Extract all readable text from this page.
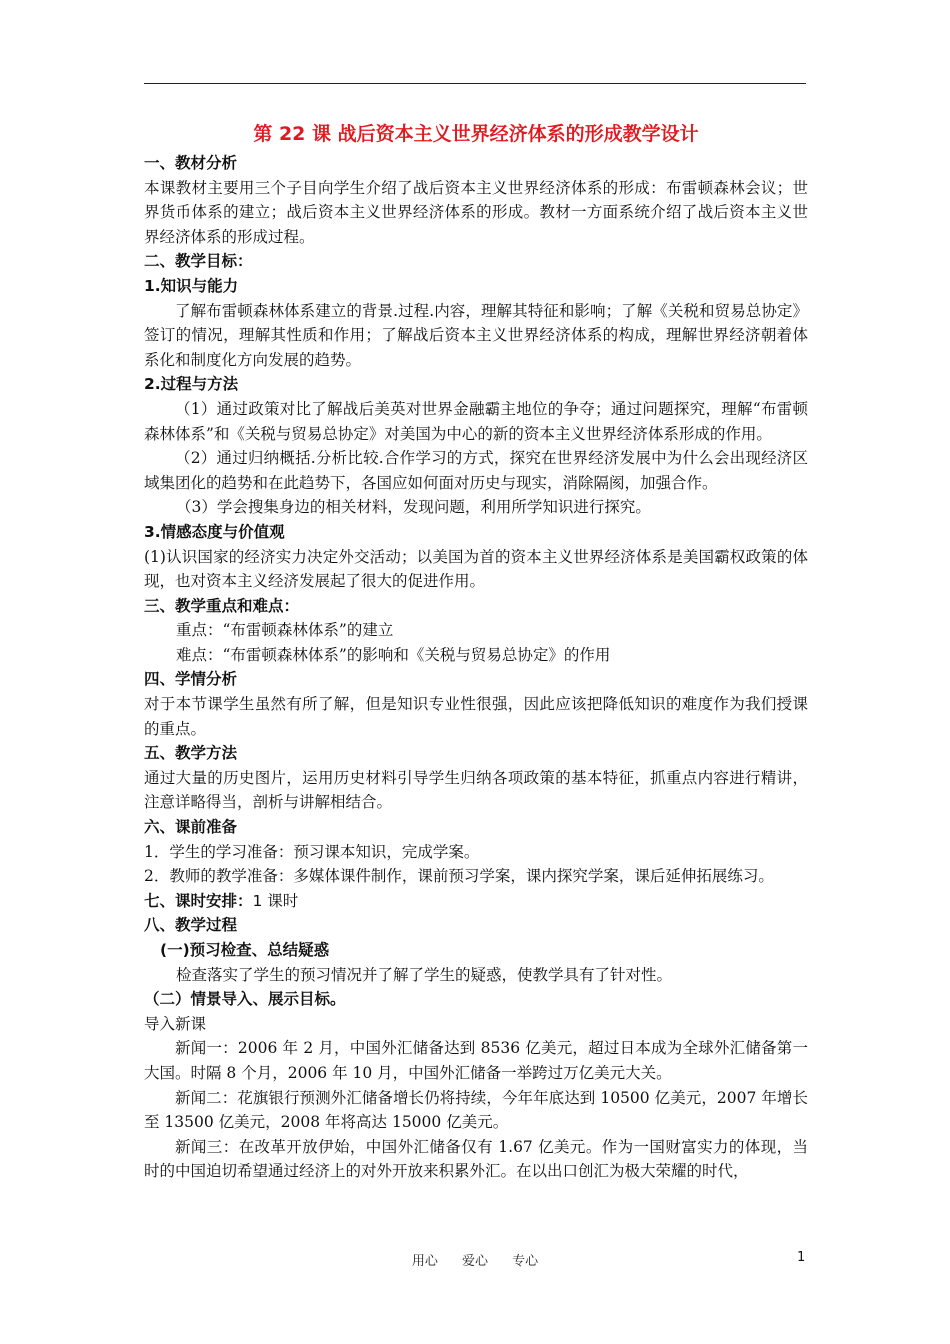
第 22 课 战后资本主义世界经济体系的形成教学设计
一、教材分析
本课教材主要用三个子目向学生介绍了战后资本主义世界经济体系的形成：布雷顿森林会议；世界货币体系的建立；战后资本主义世界经济体系的形成。教材一方面系统介绍了战后资本主义世界经济体系的形成过程。
二、教学目标：
1.知识与能力
了解布雷顿森林体系建立的背景.过程.内容，理解其特征和影响；了解《关税和贸易总协定》签订的情况，理解其性质和作用；了解战后资本主义世界经济体系的构成，理解世界经济朝着体系化和制度化方向发展的趋势。
2.过程与方法
（1）通过政策对比了解战后美英对世界金融霸主地位的争夺；通过问题探究，理解“布雷顿森林体系”和《关税与贸易总协定》对美国为中心的新的资本主义世界经济体系形成的作用。
（2）通过归纳概括.分析比较.合作学习的方式，探究在世界经济发展中为什么会出现经济区域集团化的趋势和在此趋势下，各国应如何面对历史与现实，消除隔阂，加强合作。
（3）学会搜集身边的相关材料，发现问题，利用所学知识进行探究。
3.情感态度与价值观
(1)认识国家的经济实力决定外交活动；以美国为首的资本主义世界经济体系是美国霸权政策的体现，也对资本主义经济发展起了很大的促进作用。
三、教学重点和难点：
重点：“布雷顿森林体系”的建立
难点：“布雷顿森林体系”的影响和《关税与贸易总协定》的作用
四、学情分析
对于本节课学生虽然有所了解，但是知识专业性很强，因此应该把降低知识的难度作为我们授课的重点。
五、教学方法
通过大量的历史图片，运用历史材料引导学生归纳各项政策的基本特征，抓重点内容进行精讲，注意详略得当，剖析与讲解相结合。
六、课前准备
1．学生的学习准备：预习课本知识，完成学案。
2．教师的教学准备：多媒体课件制作，课前预习学案，课内探究学案，课后延伸拓展练习。
七、课时安排：1 课时
八、教学过程
(一)预习检查、总结疑惑
检查落实了学生的预习情况并了解了学生的疑惑，使教学具有了针对性。
（二）情景导入、展示目标。
导入新课
新闻一：2006 年 2 月，中国外汇储备达到 8536 亿美元，超过日本成为全球外汇储备第一大国。时隔 8 个月，2006 年 10 月，中国外汇储备一举跨过万亿美元大关。
新闻二：花旗银行预测外汇储备增长仍将持续，今年年底达到 10500 亿美元，2007 年增长至 13500 亿美元，2008 年将高达 15000 亿美元。
新闻三：在改革开放伊始，中国外汇储备仅有 1.67 亿美元。作为一国财富实力的体现，当时的中国迫切希望通过经济上的对外开放来积累外汇。在以出口创汇为极大荣耀的时代，
用心 爱心 专心	1
